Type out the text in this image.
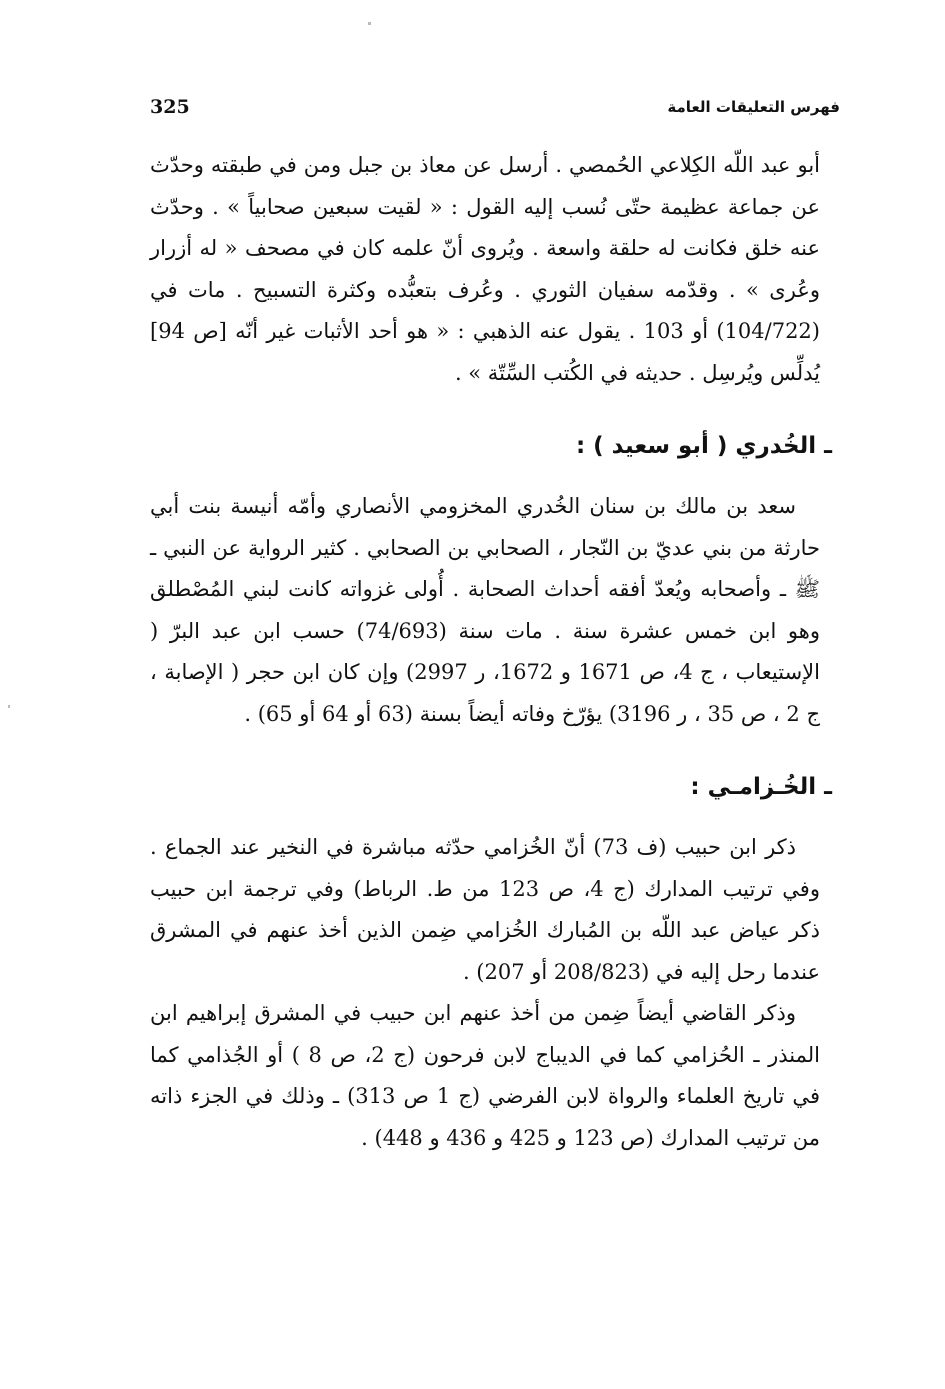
325	فهرس التعليقات العامة

أبو عبد اللّه الكِلاعي الحُمصي . أرسل عن معاذ بن جبل ومن في طبقته وحدّث عن جماعة عظيمة حتّى نُسب إليه القول : « لقيت سبعين صحابياً » . وحدّث عنه خلق فكانت له حلقة واسعة . ويُروى أنّ علمه كان في مصحف « له أزرار وعُرى » . وقدّمه سفيان الثوري . وعُرف بتعبُّده وكثرة التسبيح . مات في (104/722) أو 103 . يقول عنه الذهبي : « هو أحد الأثبات غير أنّه [ص 94] يُدلِّس ويُرسِل . حديثه في الكُتب السِّتّة » .

ـ الخُدري ( أبو سعيد ) :

سعد بن مالك بن سنان الخُدري المخزومي الأنصاري وأمّه أنيسة بنت أبي حارثة من بني عديّ بن النّجار ، الصحابي بن الصحابي . كثير الرواية عن النبي ـ ﷺ ـ وأصحابه ويُعدّ أفقه أحداث الصحابة . أُولى غزواته كانت لبني المُصْطلق وهو ابن خمس عشرة سنة . مات سنة (74/693) حسب ابن عبد البرّ ( الإستيعاب ، ج 4، ص 1671 و 1672، ر 2997) وإن كان ابن حجر ( الإصابة ، ج 2 ، ص 35 ، ر 3196) يؤرّخ وفاته أيضاً بسنة (63 أو 64 أو 65) .

ـ الخُـزامـي :

ذكر ابن حبيب (ف 73) أنّ الخُزامي حدّثه مباشرة في النخير عند الجماع . وفي ترتيب المدارك (ج 4، ص 123 من ط. الرباط) وفي ترجمة ابن حبيب ذكر عياض عبد اللّه بن المُبارك الخُزامي ضِمن الذين أخذ عنهم في المشرق عندما رحل إليه في (208/823 أو 207) .

وذكر القاضي أيضاً ضِمن من أخذ عنهم ابن حبيب في المشرق إبراهيم ابن المنذر ـ الحُزامي كما في الديباج لابن فرحون (ج 2، ص 8 ) أو الجُذامي كما في تاريخ العلماء والرواة لابن الفرضي (ج 1 ص 313) ـ وذلك في الجزء ذاته من ترتيب المدارك (ص 123 و 425 و 436 و 448) .
